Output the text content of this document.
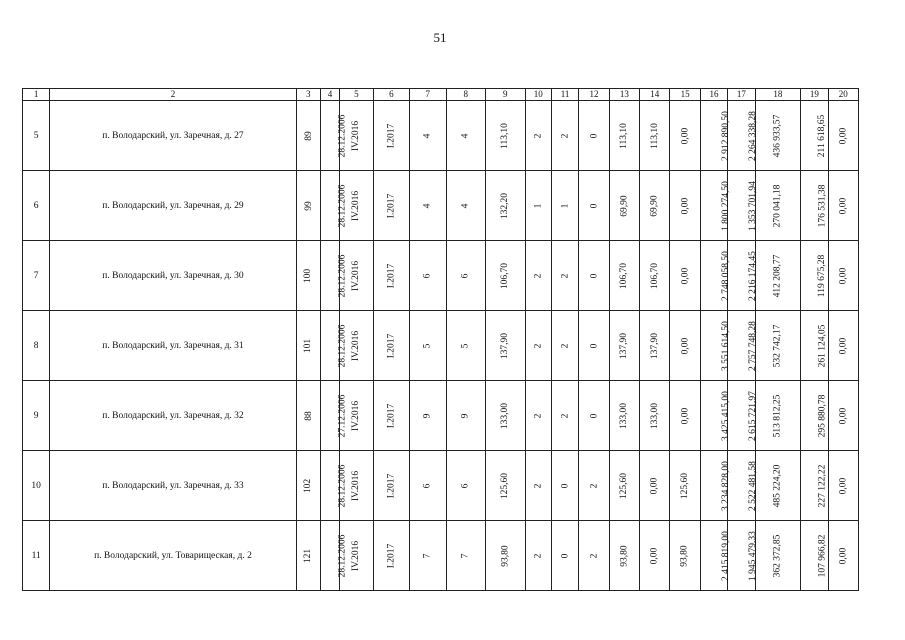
51
1	2	3	4	5	6	7	8	9	10	11	12	13	14	15	16	17	18	19	20
5	п. Володарский, ул. Заречная, д. 27	89	28.12.2006	IV.2016	I.2017	4	4	113,10	2	2	0	113,10	113,10	0,00	2 912 890,50	2 264 338,28	436 933,57	211 618,65	0,00
6	п. Володарский, ул. Заречная, д. 29	99	28.12.2006	IV.2016	I.2017	4	4	132,20	1	1	0	69,90	69,90	0,00	1 800 274,50	1 353 701,94	270 041,18	176 531,38	0,00
7	п. Володарский, ул. Заречная, д. 30	100	28.12.2006	IV.2016	I.2017	6	6	106,70	2	2	0	106,70	106,70	0,00	2 748 058,50	2 216 174,45	412 208,77	119 675,28	0,00
8	п. Володарский, ул. Заречная, д. 31	101	28.12.2006	IV.2016	I.2017	5	5	137,90	2	2	0	137,90	137,90	0,00	3 551 614,50	2 757 748,28	532 742,17	261 124,05	0,00
9	п. Володарский, ул. Заречная, д. 32	88	27.12.2006	IV.2016	I.2017	9	9	133,00	2	2	0	133,00	133,00	0,00	3 425 415,00	2 615 721,97	513 812,25	295 880,78	0,00
10	п. Володарский, ул. Заречная, д. 33	102	28.12.2006	IV.2016	I.2017	6	6	125,60	2	0	2	125,60	0,00	125,60	3 234 828,00	2 522 481,58	485 224,20	227 122,22	0,00
11	п. Володарский, ул. Товарищеская, д. 2	121	28.12.2006	IV.2016	I.2017	7	7	93,80	2	0	2	93,80	0,00	93,80	2 415 819,00	1 945 479,33	362 372,85	107 966,82	0,00
